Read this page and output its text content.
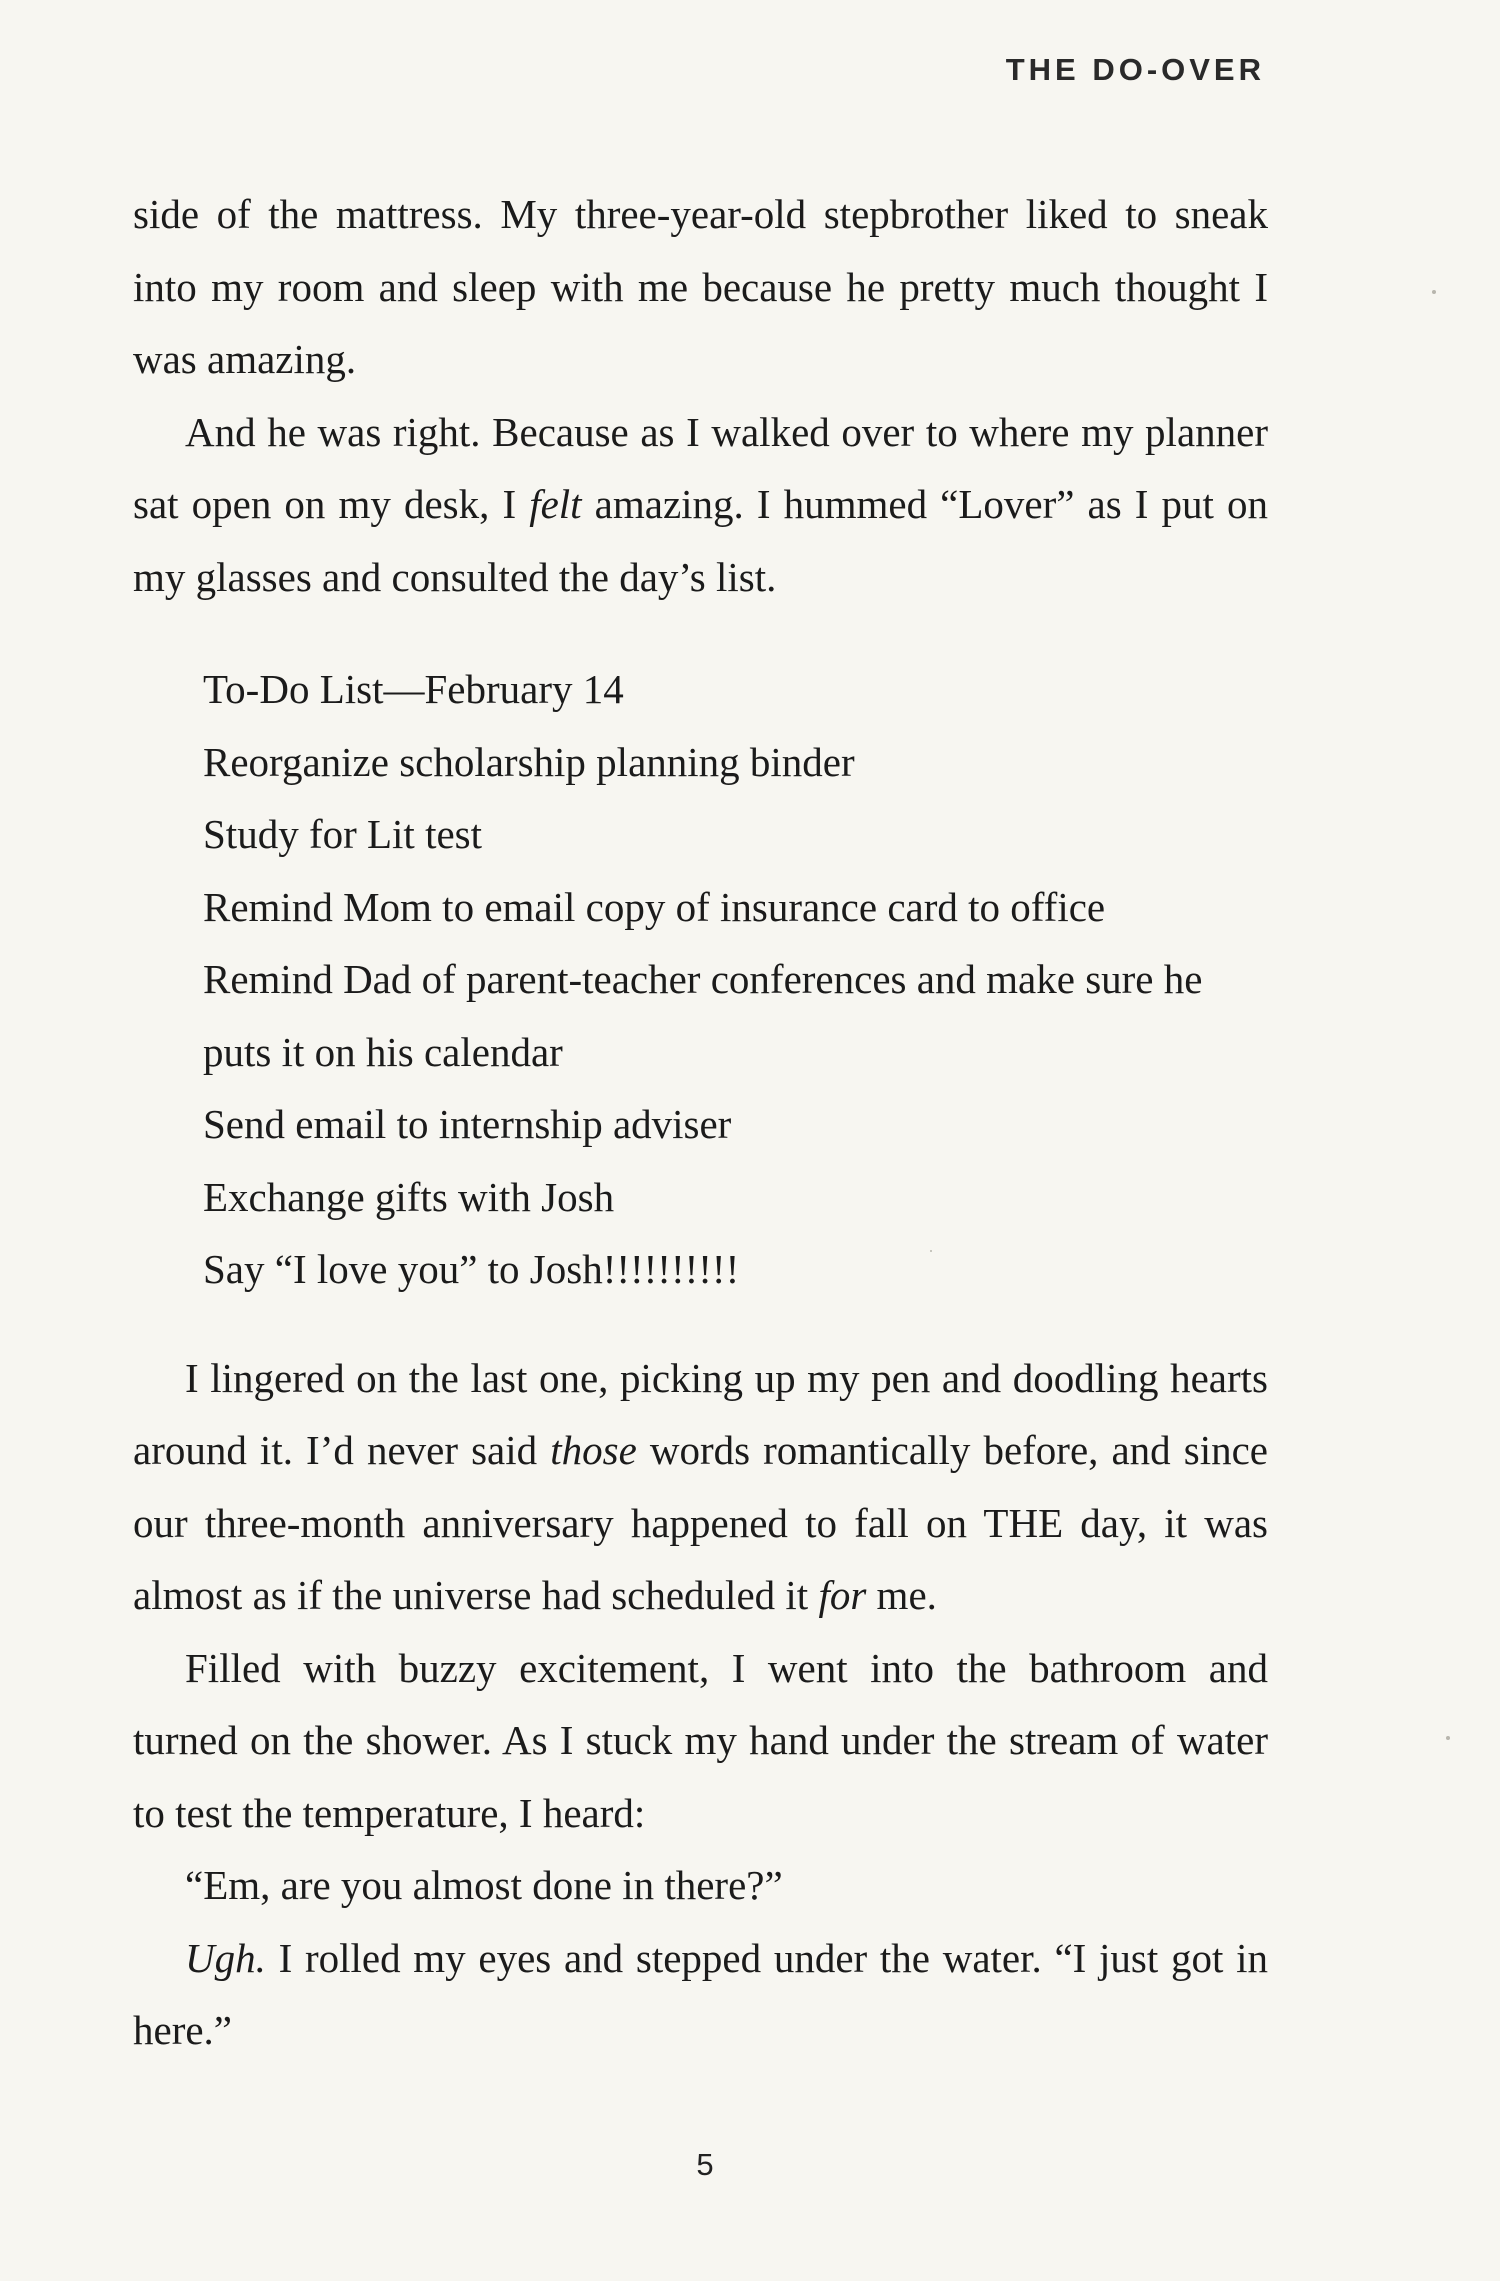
THE DO-OVER

side of the mattress. My three-year-old stepbrother liked to sneak into my room and sleep with me because he pretty much thought I was amazing.

And he was right. Because as I walked over to where my planner sat open on my desk, I felt amazing. I hummed “Lover” as I put on my glasses and consulted the day’s list.

To-Do List—February 14
Reorganize scholarship planning binder
Study for Lit test
Remind Mom to email copy of insurance card to office
Remind Dad of parent-teacher conferences and make sure he puts it on his calendar
Send email to internship adviser
Exchange gifts with Josh
Say “I love you” to Josh!!!!!!!!!!

I lingered on the last one, picking up my pen and doodling hearts around it. I’d never said those words romantically before, and since our three-month anniversary happened to fall on THE day, it was almost as if the universe had scheduled it for me.

Filled with buzzy excitement, I went into the bathroom and turned on the shower. As I stuck my hand under the stream of water to test the temperature, I heard:

“Em, are you almost done in there?”

Ugh. I rolled my eyes and stepped under the water. “I just got in here.”

5
